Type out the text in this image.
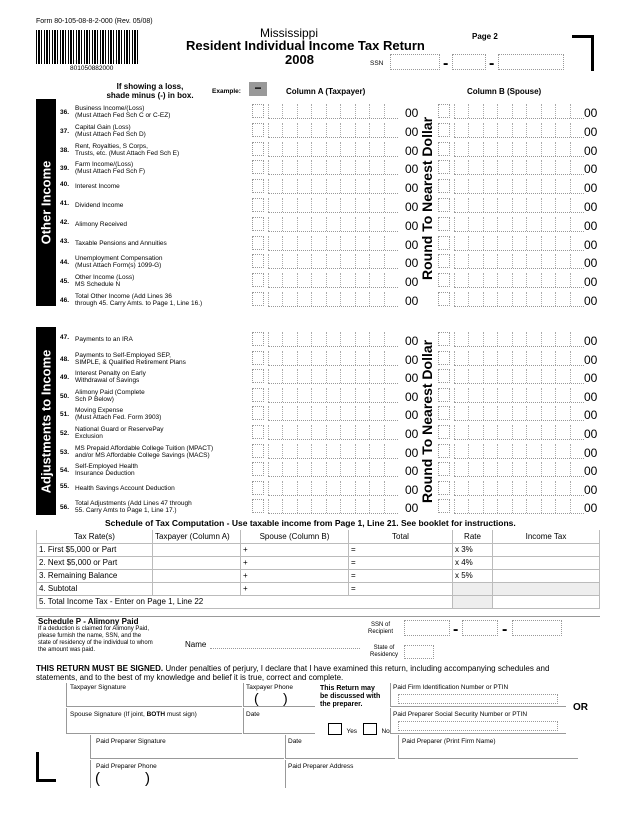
Form 80-105-08-8-2-000 (Rev. 05/08)
801050882000
Mississippi
Resident Individual Income Tax Return
2008
Page 2
SSN	-	-
If showing a loss,
shade minus (-) in box.	Example:	−	Column A (Taxpayer)	Column B (Spouse)
Other Income	Round To Nearest Dollar
36.
Business Income/(Loss)
(Must Attach Fed Sch C or C-EZ)	00	00
37.
Capital Gain (Loss)
(Must Attach Fed Sch D)	00	00
38.
Rent, Royalties, S Corps,
Trusts, etc. (Must Attach Fed Sch E)	00	00
39.
Farm Income/(Loss)
(Must Attach Fed Sch F)	00	00
40. Interest Income	00	00
41. Dividend Income	00	00
42. Alimony Received	00	00
43. Taxable Pensions and Annuities	00	00
44.
Unemployment Compensation
(Must Attach Form(s) 1099-G)	00	00
45.
Other Income (Loss)
MS Schedule N	00	00
46.
Total Other Income (Add Lines 36
through 45. Carry Amts. to Page 1, Line 16.)	00	00
Adjustments to Income	Round To Nearest Dollar
47. Payments to an IRA	00	00
48.
Payments to Self-Employed SEP,
SIMPLE, & Qualified Retirement Plans	00	00
49.
Interest Penalty on Early
Withdrawal of Savings	00	00
50.
Alimony Paid (Complete
Sch P Below)	00	00
51.
Moving Expense
(Must Attach Fed. Form 3903)	00	00
52.
National Guard or ReservePay
Exclusion	00	00
53.
MS Prepaid Affordable College Tuition (MPACT)
and/or MS Affordable College Savings (MACS)	00	00
54.
Self-Employed Health
Insurance Deduction	00	00
55. Health Savings Account Deduction	00	00
56.
Total Adjustments (Add Lines 47 through
55. Carry Amts to Page 1, Line 17.)	00	00
Schedule of Tax Computation - Use taxable income from Page 1, Line 21. See booklet for instructions.
Tax Rate(s)	Taxpayer (Column A)	Spouse (Column B)	Total	Rate	Income Tax
1. First $5,000 or Part		+	=	x 3%	
2. Next $5,000 or Part		+	=	x 4%	
3. Remaining Balance		+	=	x 5%	
4. Subtotal		+	=		
5. Total Income Tax - Enter on Page 1, Line 22					
Schedule P - Alimony Paid
If a deduction is claimed for Alimony Paid,
please furnish the name, SSN, and the
state of residency of the individual to whom
the amount was paid.
Name
SSN of
Recipient	-	-
State of
Residency
THIS RETURN MUST BE SIGNED. Under penalties of perjury, I declare that I have examined this return, including accompanying schedules and
statements, and to the best of my knowledge and belief it is true, correct and complete.
Taxpayer Signature	Taxpayer Phone
( )
This Return may
be discussed with
the preparer.
Paid Firm Identification Number or PTIN
OR
Spouse Signature (If joint, BOTH must sign)	Date
Yes	No
Paid Preparer Social Security Number or PTIN
Paid Preparer Signature	Date	Paid Preparer (Print Firm Name)
Paid Preparer Phone
(	)
Paid Preparer Address
